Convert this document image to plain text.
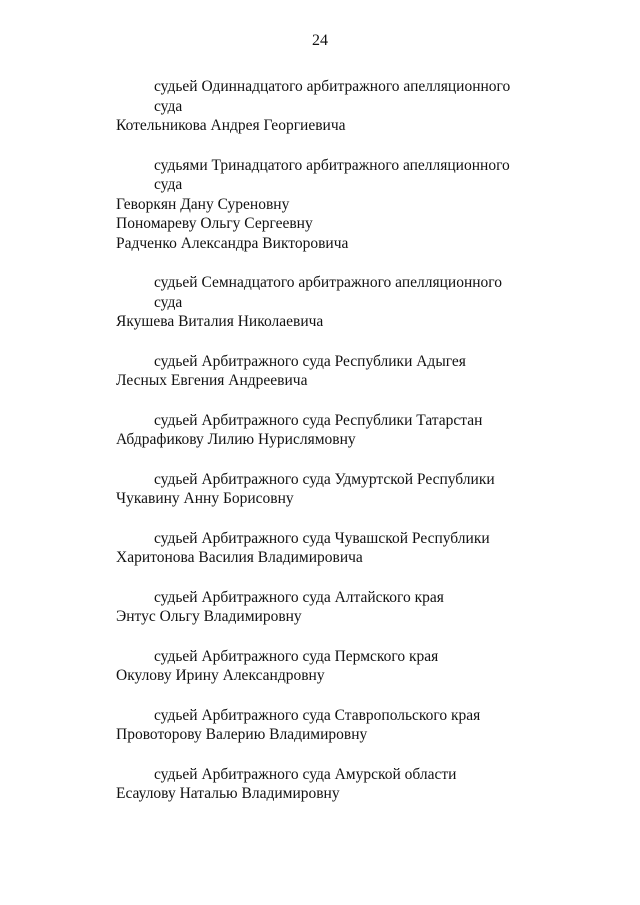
24
судьей Одиннадцатого арбитражного апелляционного
суда
Котельникова Андрея Георгиевича
судьями Тринадцатого арбитражного апелляционного
суда
Геворкян Дану Суреновну
Пономареву Ольгу Сергеевну
Радченко Александра Викторовича
судьей Семнадцатого арбитражного апелляционного
суда
Якушева Виталия Николаевича
судьей Арбитражного суда Республики Адыгея
Лесных Евгения Андреевича
судьей Арбитражного суда Республики Татарстан
Абдрафикову Лилию Нурислямовну
судьей Арбитражного суда Удмуртской Республики
Чукавину Анну Борисовну
судьей Арбитражного суда Чувашской Республики
Харитонова Василия Владимировича
судьей Арбитражного суда Алтайского края
Энтус Ольгу Владимировну
судьей Арбитражного суда Пермского края
Окулову Ирину Александровну
судьей Арбитражного суда Ставропольского края
Провоторову Валерию Владимировну
судьей Арбитражного суда Амурской области
Есаулову Наталью Владимировну
